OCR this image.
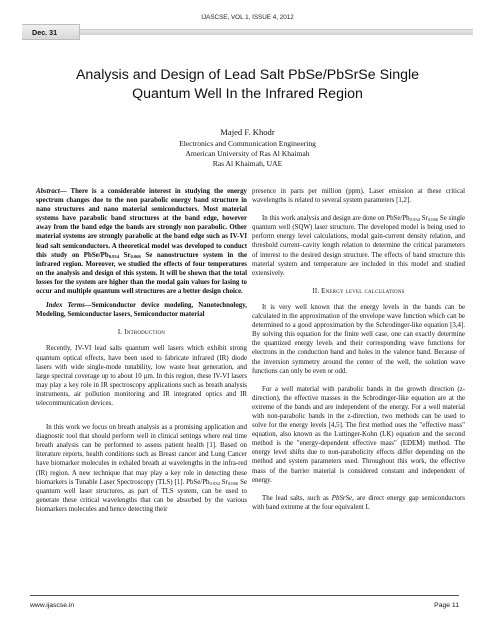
IJASCSE, VOL 1, ISSUE 4, 2012
Dec. 31
Analysis and Design of Lead Salt PbSe/PbSrSe Single
Quantum Well In the Infrared Region
Majed F. Khodr
Electronics and Communication Engineering
American University of Ras Al Khaimah
Ras Al Khaimah, UAE

Abstract— There is a considerable interest in studying the energy spectrum changes due to the non parabolic energy band structure in nano structures and nano material semiconductors. Most material systems have parabolic band structures at the band edge, however away from the band edge the bands are strongly non parabolic. Other material systems are strongly parabolic at the band edge such as IV-VI lead salt semiconductors. A theoretical model was developed to conduct this study on PbSe/$Pb_{0.934}$ $Sr_{0.066}$ Se nanostructure system in the infrared region. Moreover, we studied the effects of four temperatures on the analysis and design of this system. It will be shown that the total losses for the system are higher than the modal gain values for lasing to occur and multiple quantum well structures are a better design choice.

Index Terms—Semiconductor device modeling, Nanotechnology, Modeling, Semiconductor lasers, Semiconductor material

I. Introduction

Recently, IV-VI lead salts quantum well lasers which exhibit strong quantum optical effects, have been used to fabricate infrared (IR) diode lasers with wide single-mode tunability, low waste heat generation, and large spectral coverage up to about 10 µm. In this region, these IV-VI lasers may play a key role in IR spectroscopy applications such as breath analysis instruments, air pollution monitoring and IR integrated optics and IR telecommunication devices.

In this work we focus on breath analysis as a promising application and diagnostic tool that should perform well in clinical settings where real time breath analysis can be performed to assess patient health [1]. Based on literature reports, health conditions such as Breast cancer and Lung Cancer have biomarker molecules in exhaled breath at wavelengths in the infra-red (IR) region. A new technique that may play a key role in detecting these biomarkers is Tunable Laser Spectroscopy (TLS) [1]. PbSe/$Pb_{0.934}$ $Sr_{0.066}$ Se quantum well laser structures, as part of TLS system, can be used to generate these critical wavelengths that can be absorbed by the various biomarkers molecules and hence detecting their

presence in parts per million (ppm). Laser emission at these critical wavelengths is related to several system parameters [1,2].

In this work analysis and design are done on PbSe/$Pb_{0.934}$ $Sr_{0.066}$ Se single quantum well (SQW) laser structure. The developed model is being used to perform energy level calculations, modal gain-current density relation, and threshold current–cavity length relation to determine the critical parameters of interest to the desired design structure. The effects of band structure this material system and temperature are included in this model and studied extensively.

II. Energy level calculations

It is very well known that the energy levels in the bands can be calculated in the approximation of the envelope wave function which can be determined to a good approximation by the Schrodinger-like equation [3,4]. By solving this equation for the finite well case, one can exactly determine the quantized energy levels and their corresponding wave functions for electrons in the conduction band and holes in the valence band. Because of the inversion symmetry around the center of the well, the solution wave functions can only be even or odd.

For a well material with parabolic bands in the growth direction (z-direction), the effective masses in the Schrodinger-like equation are at the extreme of the bands and are independent of the energy. For a well material with non-parabolic bands in the z-direction, two methods can be used to solve for the energy levels [4,5]. The first method uses the "effective mass" equation, also known as the Luttinger-Kohn (LK) equation and the second method is the "energy-dependent effective mass" (EDEM) method. The energy level shifts due to non-parabolicity effects differ depending on the method and system parameters used. Throughout this work, the effective mass of the barrier material is considered constant and independent of energy.

The lead salts, such as PbSrSe, are direct energy gap semiconductors with band extreme at the four equivalent L

www.ijascse.in	Page 11
